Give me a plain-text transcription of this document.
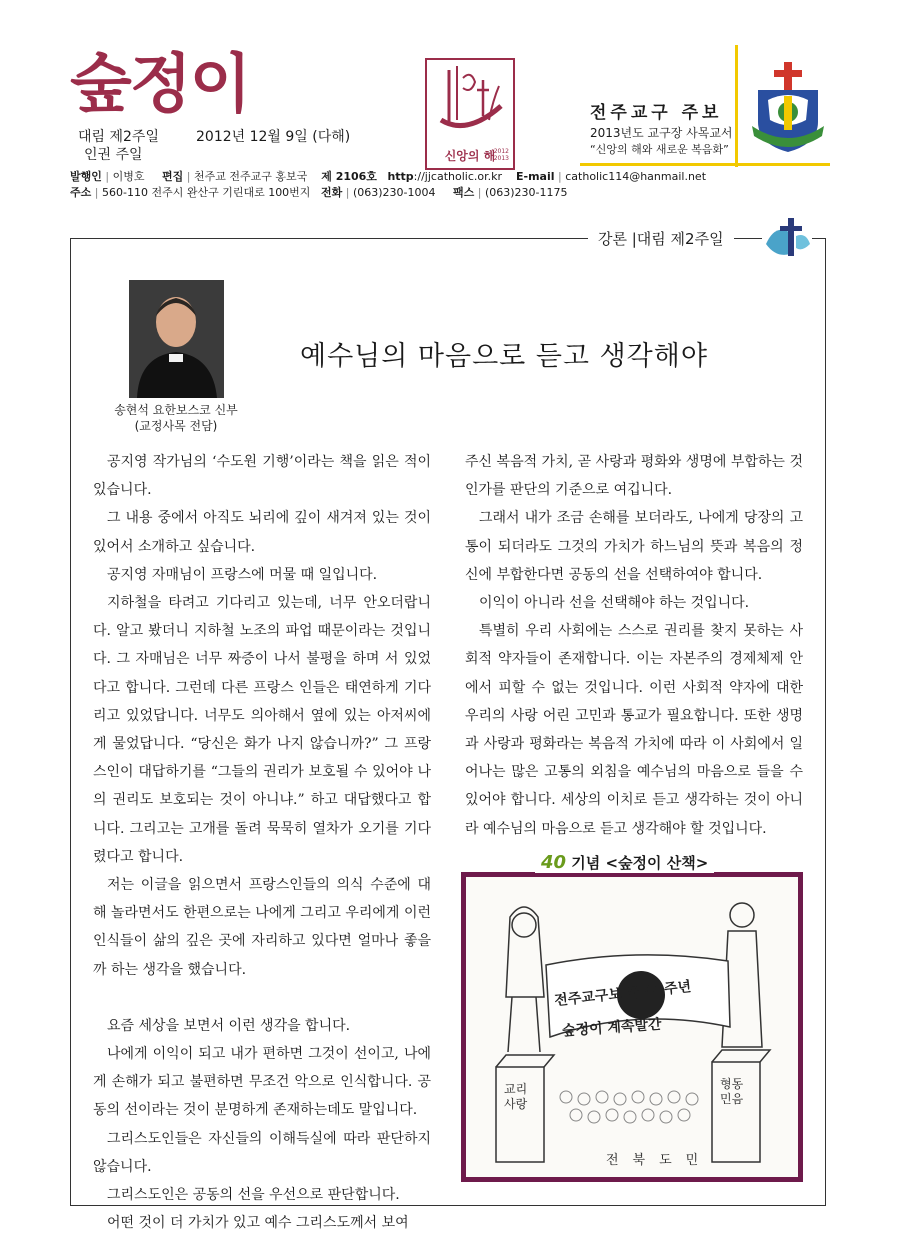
숲정이
대림 제2주일	2012년 12월 9일 (다해)
인권 주일	신앙의 해
2012
2013
전주교구 주보
2013년도 교구장 사목교서
“신앙의 해와 새로운 복음화”
발행인 | 이병호 편집 | 천주교 전주교구 홍보국 제 2106호 http://jjcatholic.or.kr E-mail | catholic114@hanmail.net
주소 | 560-110 전주시 완산구 기린대로 100번지 전화 | (063)230-1004 팩스 | (063)230-1175
강론 |대림 제2주일
송현석 요한보스코 신부
(교정사목 전담)
예수님의 마음으로 듣고 생각해야

공지영 작가님의 ‘수도원 기행’이라는 책을 읽은 적이 있습니다.

그 내용 중에서 아직도 뇌리에 깊이 새겨져 있는 것이 있어서 소개하고 싶습니다.

공지영 자매님이 프랑스에 머물 때 일입니다.

지하철을 타려고 기다리고 있는데, 너무 안오더랍니다. 알고 봤더니 지하철 노조의 파업 때문이라는 것입니다. 그 자매님은 너무 짜증이 나서 불평을 하며 서 있었다고 합니다. 그런데 다른 프랑스 인들은 태연하게 기다리고 있었답니다. 너무도 의아해서 옆에 있는 아저씨에게 물었답니다. “당신은 화가 나지 않습니까?” 그 프랑스인이 대답하기를 “그들의 권리가 보호될 수 있어야 나의 권리도 보호되는 것이 아니냐.” 하고 대답했다고 합니다. 그리고는 고개를 돌려 묵묵히 열차가 오기를 기다렸다고 합니다.

저는 이글을 읽으면서 프랑스인들의 의식 수준에 대해 놀라면서도 한편으로는 나에게 그리고 우리에게 이런 인식들이 삶의 깊은 곳에 자리하고 있다면 얼마나 좋을까 하는 생각을 했습니다.

요즘 세상을 보면서 이런 생각을 합니다.

나에게 이익이 되고 내가 편하면 그것이 선이고, 나에게 손해가 되고 불편하면 무조건 악으로 인식합니다. 공동의 선이라는 것이 분명하게 존재하는데도 말입니다.

그리스도인들은 자신들의 이해득실에 따라 판단하지 않습니다.

그리스도인은 공동의 선을 우선으로 판단합니다.

어떤 것이 더 가치가 있고 예수 그리스도께서 보여

주신 복음적 가치, 곧 사랑과 평화와 생명에 부합하는 것인가를 판단의 기준으로 여깁니다.

그래서 내가 조금 손해를 보더라도, 나에게 당장의 고통이 되더라도 그것의 가치가 하느님의 뜻과 복음의 정신에 부합한다면 공동의 선을 선택하여야 합니다.

이익이 아니라 선을 선택해야 하는 것입니다.

특별히 우리 사회에는 스스로 권리를 찾지 못하는 사회적 약자들이 존재합니다. 이는 자본주의 경제체제 안에서 피할 수 없는 것입니다. 이런 사회적 약자에 대한 우리의 사랑 어린 고민과 통교가 필요합니다. 또한 생명과 사랑과 평화라는 복음적 가치에 따라 이 사회에서 일어나는 많은 고통의 외침을 예수님의 마음으로 들을 수 있어야 합니다. 세상의 이치로 듣고 생각하는 것이 아니라 예수님의 마음으로 듣고 생각해야 할 것입니다.

전주교구보 축 40주년
숲정이 계속발간
교리사랑
형동민음
전북도민
40 기념 <숲정이 산책>
